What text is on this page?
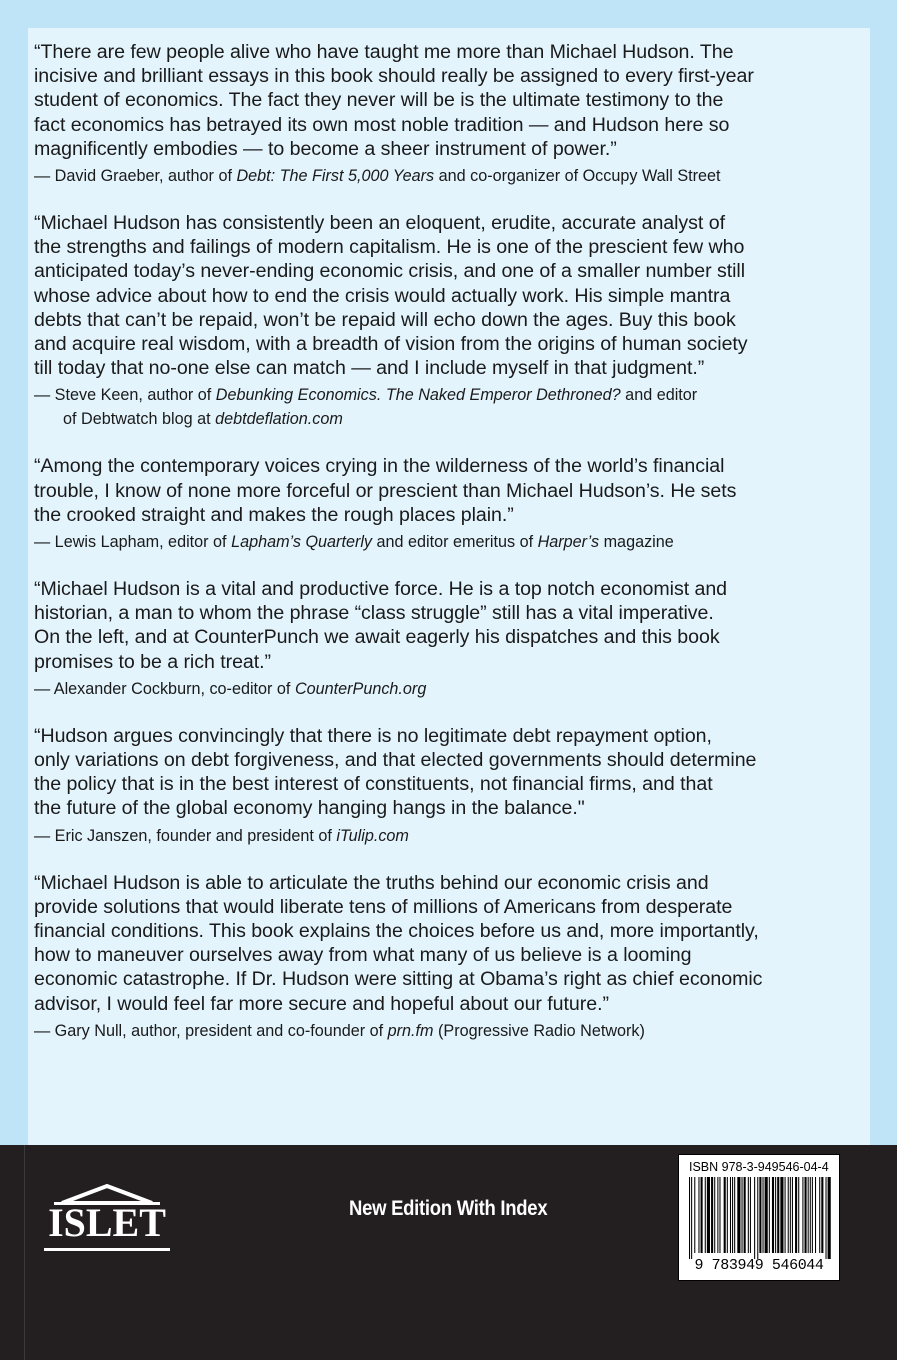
“There are few people alive who have taught me more than Michael Hudson. The
incisive and brilliant essays in this book should really be assigned to every first-year
student of economics. The fact they never will be is the ultimate testimony to the
fact economics has betrayed its own most noble tradition — and Hudson here so
magnificently embodies — to become a sheer instrument of power.”

— David Graeber, author of Debt: The First 5,000 Years and co-organizer of Occupy Wall Street

“Michael Hudson has consistently been an eloquent, erudite, accurate analyst of
the strengths and failings of modern capitalism. He is one of the prescient few who
anticipated today’s never-ending economic crisis, and one of a smaller number still
whose advice about how to end the crisis would actually work. His simple mantra
debts that can’t be repaid, won’t be repaid will echo down the ages. Buy this book
and acquire real wisdom, with a breadth of vision from the origins of human society
till today that no-one else can match — and I include myself in that judgment.”

— Steve Keen, author of Debunking Economics. The Naked Emperor Dethroned? and editor
of Debtwatch blog at debtdeflation.com

“Among the contemporary voices crying in the wilderness of the world’s financial
trouble, I know of none more forceful or prescient than Michael Hudson’s. He sets
the crooked straight and makes the rough places plain.”

— Lewis Lapham, editor of Lapham’s Quarterly and editor emeritus of Harper’s magazine

“Michael Hudson is a vital and productive force. He is a top notch economist and
historian, a man to whom the phrase “class struggle” still has a vital imperative.
On the left, and at CounterPunch we await eagerly his dispatches and this book
promises to be a rich treat.”

— Alexander Cockburn, co-editor of CounterPunch.org

“Hudson argues convincingly that there is no legitimate debt repayment option,
only variations on debt forgiveness, and that elected governments should determine
the policy that is in the best interest of constituents, not financial firms, and that
the future of the global economy hanging hangs in the balance."

— Eric Janszen, founder and president of iTulip.com

“Michael Hudson is able to articulate the truths behind our economic crisis and
provide solutions that would liberate tens of millions of Americans from desperate
financial conditions. This book explains the choices before us and, more importantly,
how to maneuver ourselves away from what many of us believe is a looming
economic catastrophe. If Dr. Hudson were sitting at Obama’s right as chief economic
advisor, I would feel far more secure and hopeful about our future.”

— Gary Null, author, president and co-founder of prn.fm (Progressive Radio Network)

ISLET	New Edition With Index
ISBN 978-3-949546-04-4
9 783949 546044
